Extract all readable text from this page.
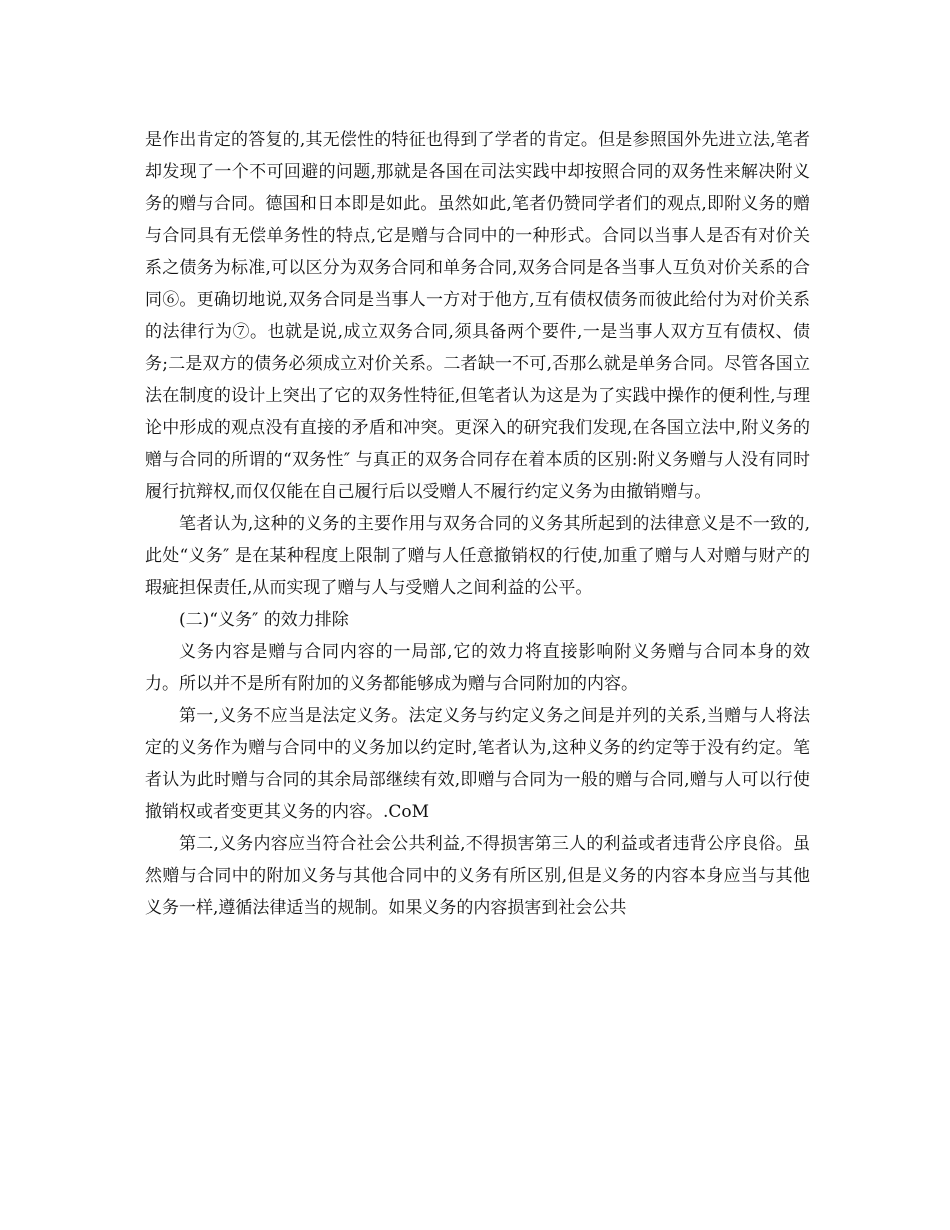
是作出肯定的答复的,其无偿性的特征也得到了学者的肯定。但是参照国外先进立法,笔者却发现了一个不可回避的问题,那就是各国在司法实践中却按照合同的双务性来解决附义务的赠与合同。德国和日本即是如此。虽然如此,笔者仍赞同学者们的观点,即附义务的赠与合同具有无偿单务性的特点,它是赠与合同中的一种形式。合同以当事人是否有对价关系之债务为标准,可以区分为双务合同和单务合同,双务合同是各当事人互负对价关系的合同⑥。更确切地说,双务合同是当事人一方对于他方,互有债权债务而彼此给付为对价关系的法律行为⑦。也就是说,成立双务合同,须具备两个要件,一是当事人双方互有债权、债务;二是双方的债务必须成立对价关系。二者缺一不可,否那么就是单务合同。尽管各国立法在制度的设计上突出了它的双务性特征,但笔者认为这是为了实践中操作的便利性,与理论中形成的观点没有直接的矛盾和冲突。更深入的研究我们发现,在各国立法中,附义务的赠与合同的所谓的“双务性″ 与真正的双务合同存在着本质的区别:附义务赠与人没有同时履行抗辩权,而仅仅能在自己履行后以受赠人不履行约定义务为由撤销赠与。

笔者认为,这种的义务的主要作用与双务合同的义务其所起到的法律意义是不一致的,此处“义务″ 是在某种程度上限制了赠与人任意撤销权的行使,加重了赠与人对赠与财产的瑕疵担保责任,从而实现了赠与人与受赠人之间利益的公平。

(二)“义务″ 的效力排除

义务内容是赠与合同内容的一局部,它的效力将直接影响附义务赠与合同本身的效力。所以并不是所有附加的义务都能够成为赠与合同附加的内容。

第一,义务不应当是法定义务。法定义务与约定义务之间是并列的关系,当赠与人将法定的义务作为赠与合同中的义务加以约定时,笔者认为,这种义务的约定等于没有约定。笔者认为此时赠与合同的其余局部继续有效,即赠与合同为一般的赠与合同,赠与人可以行使撤销权或者变更其义务的内容。.CoM

第二,义务内容应当符合社会公共利益,不得损害第三人的利益或者违背公序良俗。虽然赠与合同中的附加义务与其他合同中的义务有所区别,但是义务的内容本身应当与其他义务一样,遵循法律适当的规制。如果义务的内容损害到社会公共
